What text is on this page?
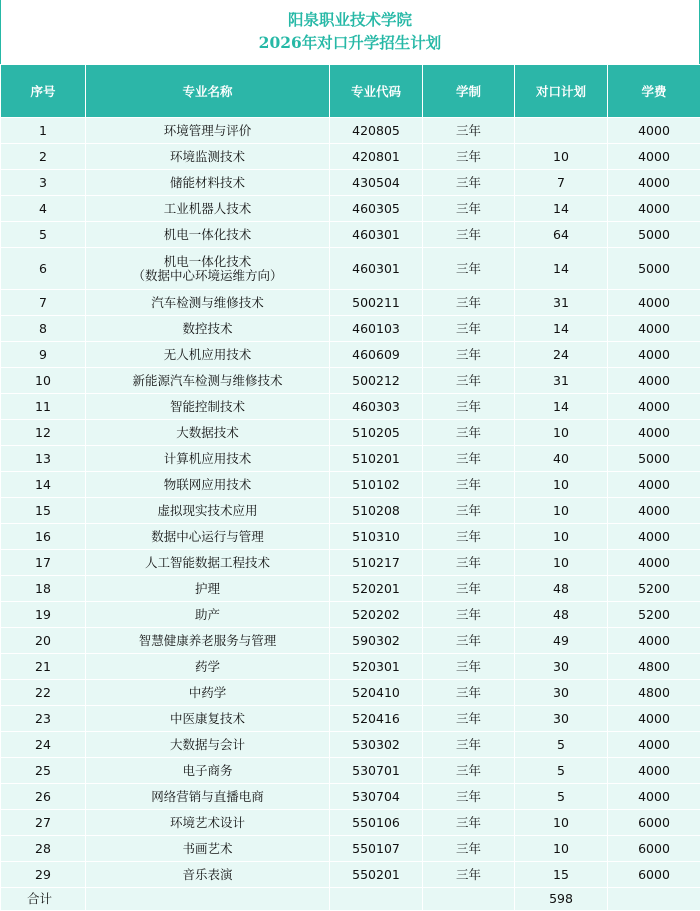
阳泉职业技术学院
2026年对口升学招生计划
序号	专业名称	专业代码	学制	对口计划	学费
1	环境管理与评价	420805	三年		4000
2	环境监测技术	420801	三年	10	4000
3	储能材料技术	430504	三年	7	4000
4	工业机器人技术	460305	三年	14	4000
5	机电一体化技术	460301	三年	64	5000
6	机电一体化技术
（数据中心环境运维方向）	460301	三年	14	5000
7	汽车检测与维修技术	500211	三年	31	4000
8	数控技术	460103	三年	14	4000
9	无人机应用技术	460609	三年	24	4000
10	新能源汽车检测与维修技术	500212	三年	31	4000
11	智能控制技术	460303	三年	14	4000
12	大数据技术	510205	三年	10	4000
13	计算机应用技术	510201	三年	40	5000
14	物联网应用技术	510102	三年	10	4000
15	虚拟现实技术应用	510208	三年	10	4000
16	数据中心运行与管理	510310	三年	10	4000
17	人工智能数据工程技术	510217	三年	10	4000
18	护理	520201	三年	48	5200
19	助产	520202	三年	48	5200
20	智慧健康养老服务与管理	590302	三年	49	4000
21	药学	520301	三年	30	4800
22	中药学	520410	三年	30	4800
23	中医康复技术	520416	三年	30	4000
24	大数据与会计	530302	三年	5	4000
25	电子商务	530701	三年	5	4000
26	网络营销与直播电商	530704	三年	5	4000
27	环境艺术设计	550106	三年	10	6000
28	书画艺术	550107	三年	10	6000
29	音乐表演	550201	三年	15	6000
合计				598	
